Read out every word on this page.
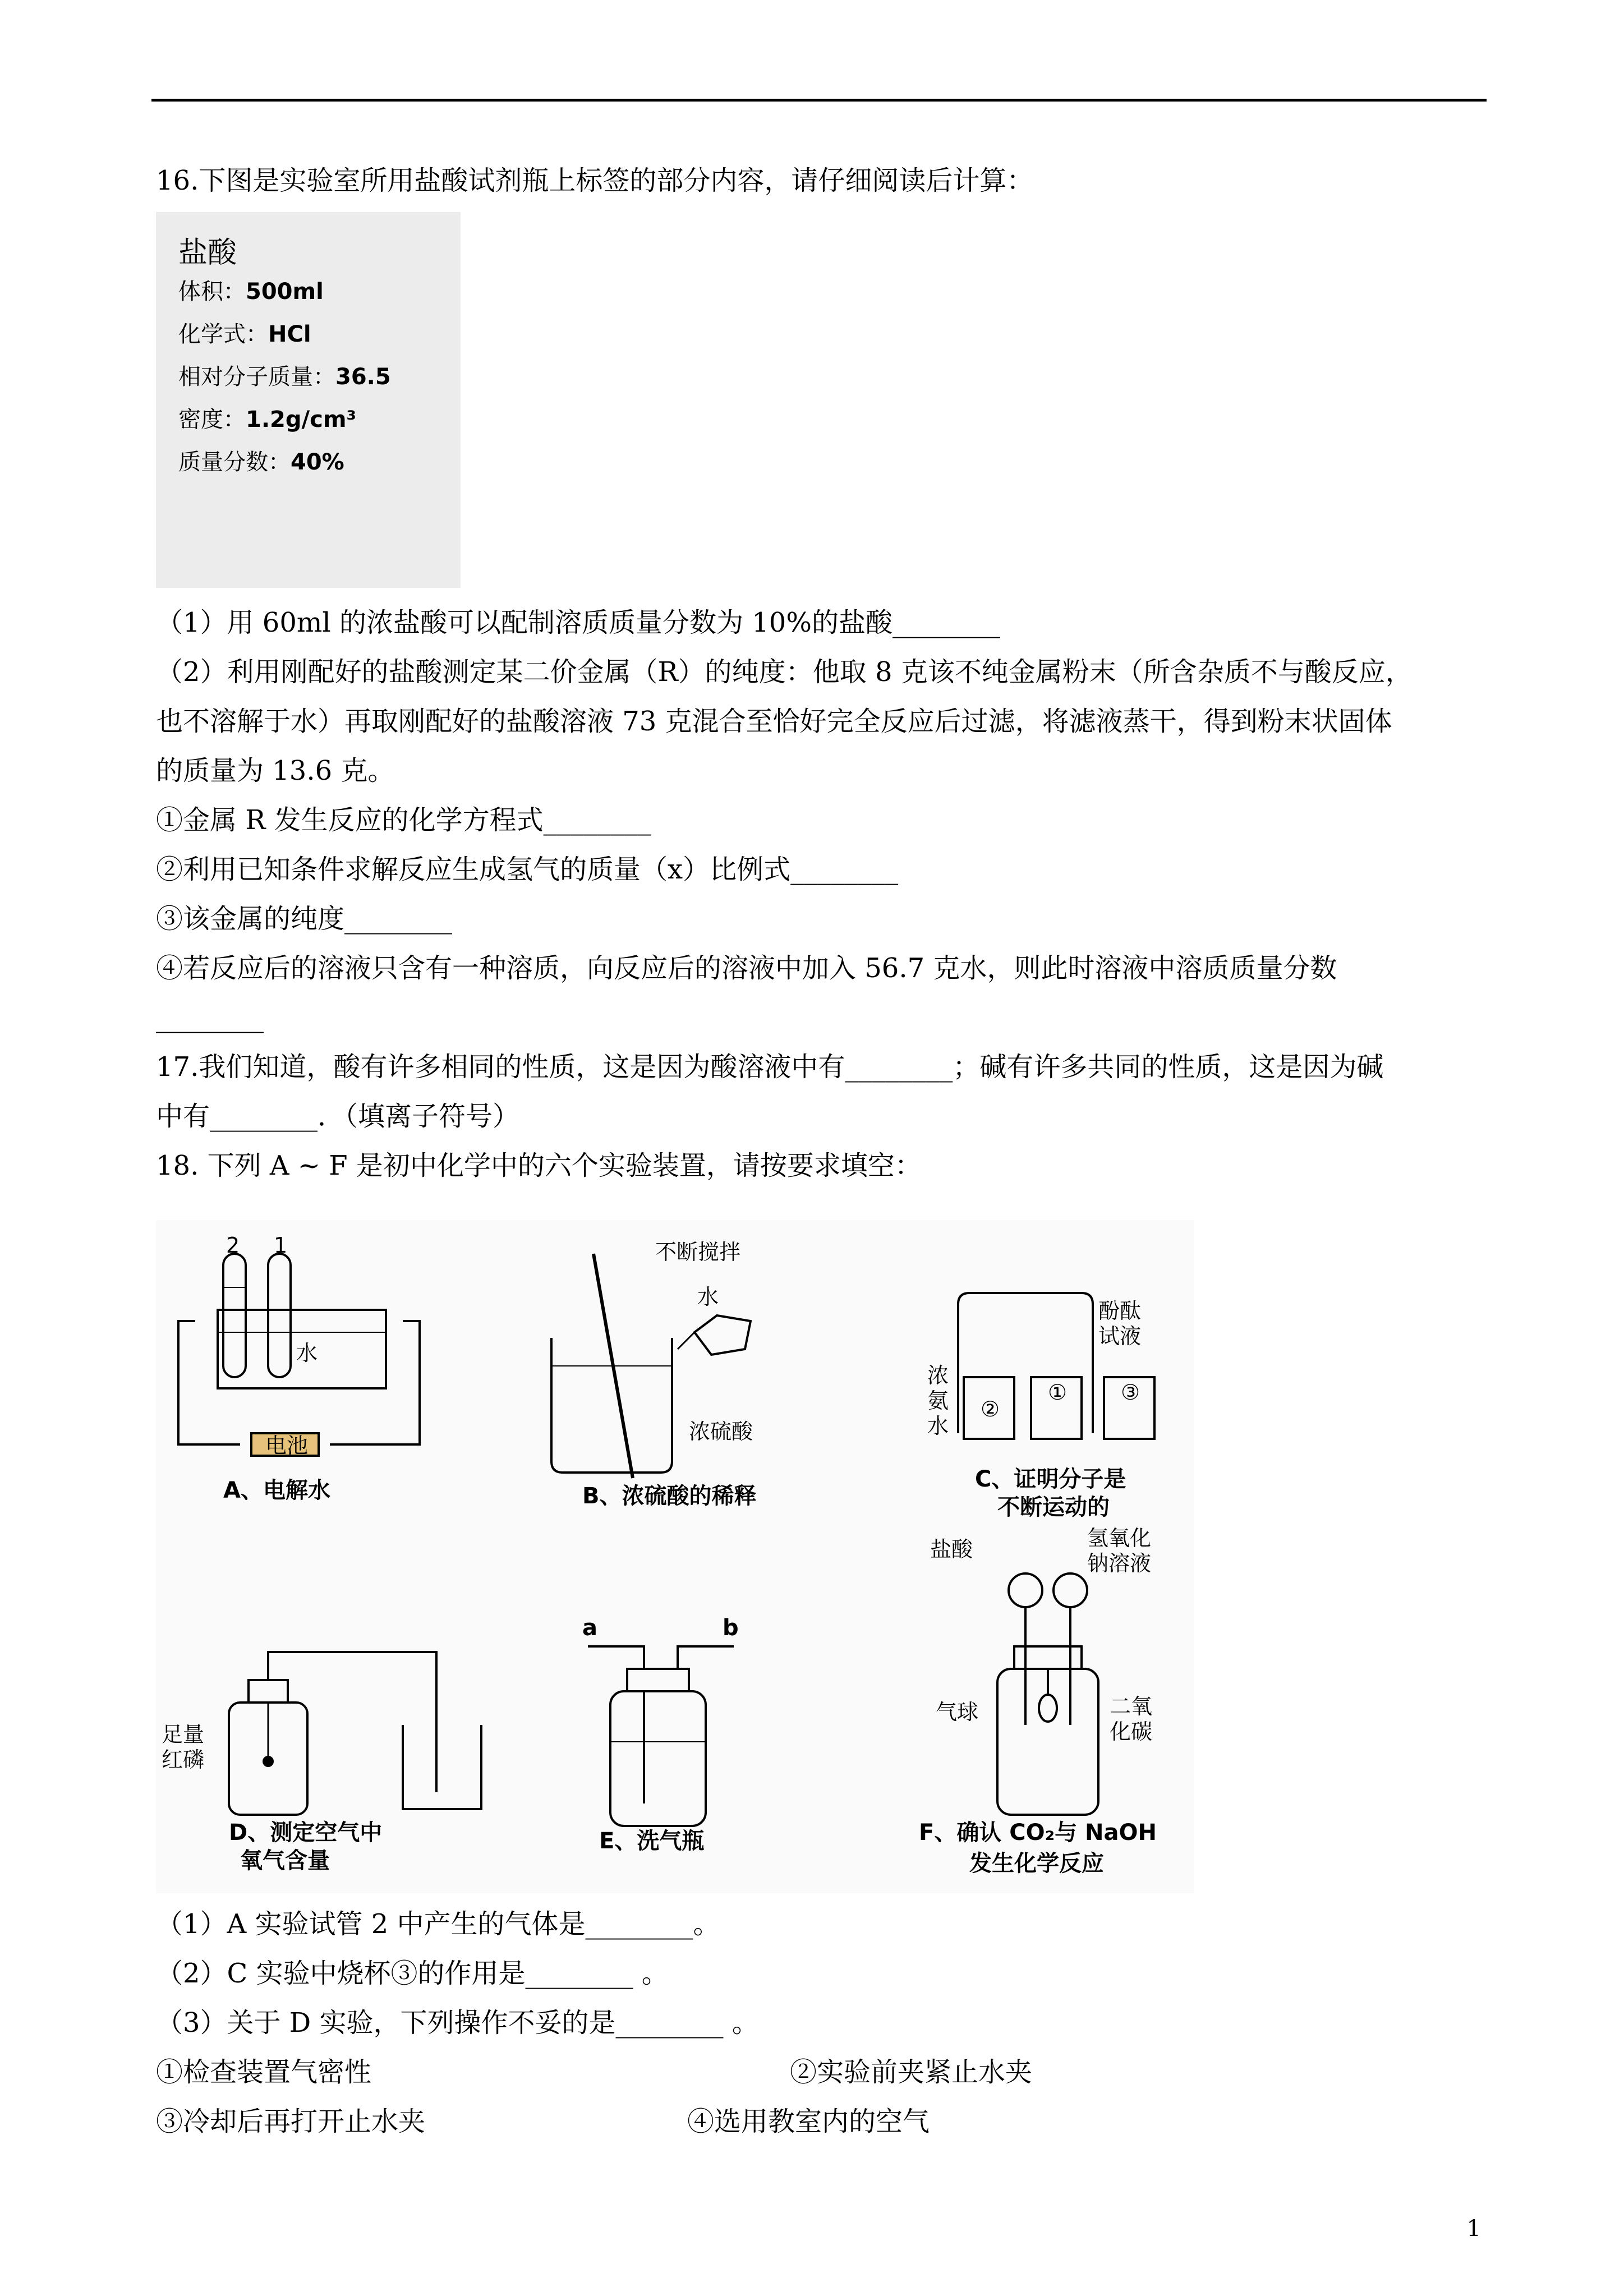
16.下图是实验室所用盐酸试剂瓶上标签的部分内容，请仔细阅读后计算：
盐酸
体积：500ml
化学式：HCl
相对分子质量：36.5
密度：1.2g/cm³
质量分数：40%
（1）用 60ml 的浓盐酸可以配制溶质质量分数为 10%的盐酸________
（2）利用刚配好的盐酸测定某二价金属（R）的纯度：他取 8 克该不纯金属粉末（所含杂质不与酸反应，
也不溶解于水）再取刚配好的盐酸溶液 73 克混合至恰好完全反应后过滤，将滤液蒸干，得到粉末状固体
的质量为 13.6 克。
①金属 R 发生反应的化学方程式________
②利用已知条件求解反应生成氢气的质量（x）比例式________
③该金属的纯度________
④若反应后的溶液只含有一种溶质，向反应后的溶液中加入 56.7 克水，则此时溶液中溶质质量分数
________
17.我们知道，酸有许多相同的性质，这是因为酸溶液中有________；碱有许多共同的性质，这是因为碱
中有________．（填离子符号）
18. 下列 A ~ F 是初中化学中的六个实验装置，请按要求填空：
电池
2 1
水
A、电解水
不断搅拌
水
浓硫酸
B、浓硫酸的稀释
②
①	③
浓
氨
水
酚酞
试液
C、证明分子是
不断运动的
足量
红磷
D、测定空气中
氧气含量
a	b
E、洗气瓶
盐酸	氢氧化
钠溶液
气球	二氧
化碳
F、确认 CO₂与 NaOH
发生化学反应
（1）A 实验试管 2 中产生的气体是________。
（2）C 实验中烧杯③的作用是________ 。
（3）关于 D 实验，下列操作不妥的是________ 。
①检查装置气密性	②实验前夹紧止水夹
③冷却后再打开止水夹	④选用教室内的空气
1
